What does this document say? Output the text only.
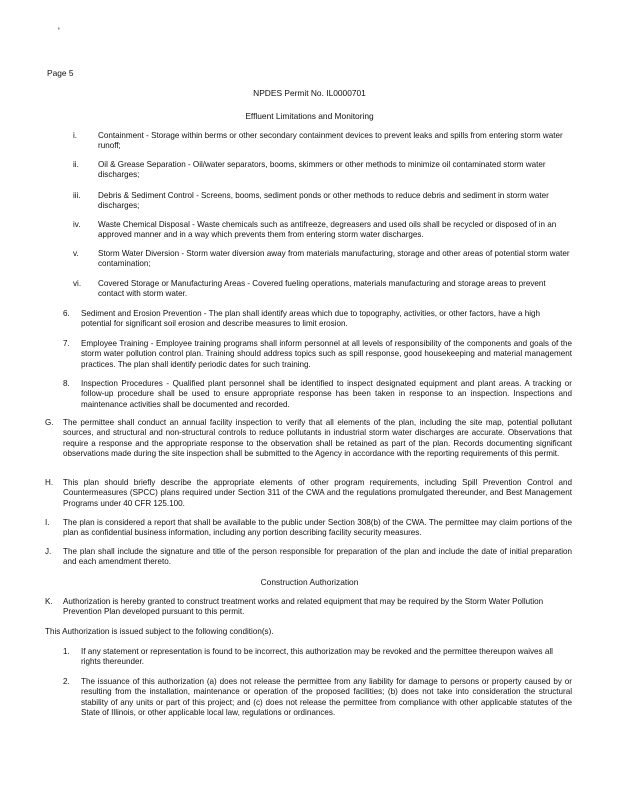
'
Page 5
NPDES Permit No. IL0000701
Effluent Limitations and Monitoring
i.	Containment - Storage within berms or other secondary containment devices to prevent leaks and spills from entering storm water runoff;
ii. Oil & Grease Separation - Oil/water separators, booms, skimmers or other methods to minimize oil contaminated storm water discharges;
iii. Debris & Sediment Control - Screens, booms, sediment ponds or other methods to reduce debris and sediment in storm water discharges;
iv. Waste Chemical Disposal - Waste chemicals such as antifreeze, degreasers and used oils shall be recycled or disposed of in an approved manner and in a way which prevents them from entering storm water discharges.
v. Storm Water Diversion - Storm water diversion away from materials manufacturing, storage and other areas of potential storm water contamination;
vi. Covered Storage or Manufacturing Areas - Covered fueling operations, materials manufacturing and storage areas to prevent contact with storm water.
6. Sediment and Erosion Prevention - The plan shall identify areas which due to topography, activities, or other factors, have a high potential for significant soil erosion and describe measures to limit erosion.
7. Employee Training - Employee training programs shall inform personnel at all levels of responsibility of the components and goals of the storm water pollution control plan. Training should address topics such as spill response, good housekeeping and material management practices. The plan shall identify periodic dates for such training.
8. Inspection Procedures - Qualified plant personnel shall be identified to inspect designated equipment and plant areas. A tracking or follow-up procedure shall be used to ensure appropriate response has been taken in response to an inspection. Inspections and maintenance activities shall be documented and recorded.
G. The permittee shall conduct an annual facility inspection to verify that all elements of the plan, including the site map, potential pollutant sources, and structural and non-structural controls to reduce pollutants in industrial storm water discharges are accurate. Observations that require a response and the appropriate response to the observation shall be retained as part of the plan. Records documenting significant observations made during the site inspection shall be submitted to the Agency in accordance with the reporting requirements of this permit.
H. This plan should briefly describe the appropriate elements of other program requirements, including Spill Prevention Control and Countermeasures (SPCC) plans required under Section 311 of the CWA and the regulations promulgated thereunder, and Best Management Programs under 40 CFR 125.100.
I. The plan is considered a report that shall be available to the public under Section 308(b) of the CWA. The permittee may claim portions of the plan as confidential business information, including any portion describing facility security measures.
J. The plan shall include the signature and title of the person responsible for preparation of the plan and include the date of initial preparation and each amendment thereto.
Construction Authorization
K. Authorization is hereby granted to construct treatment works and related equipment that may be required by the Storm Water Pollution Prevention Plan developed pursuant to this permit.
This Authorization is issued subject to the following condition(s).
1. If any statement or representation is found to be incorrect, this authorization may be revoked and the permittee thereupon waives all rights thereunder.
2. The issuance of this authorization (a) does not release the permittee from any liability for damage to persons or property caused by or resulting from the installation, maintenance or operation of the proposed facilities; (b) does not take into consideration the structural stability of any units or part of this project; and (c) does not release the permittee from compliance with other applicable statutes of the State of Illinois, or other applicable local law, regulations or ordinances.
